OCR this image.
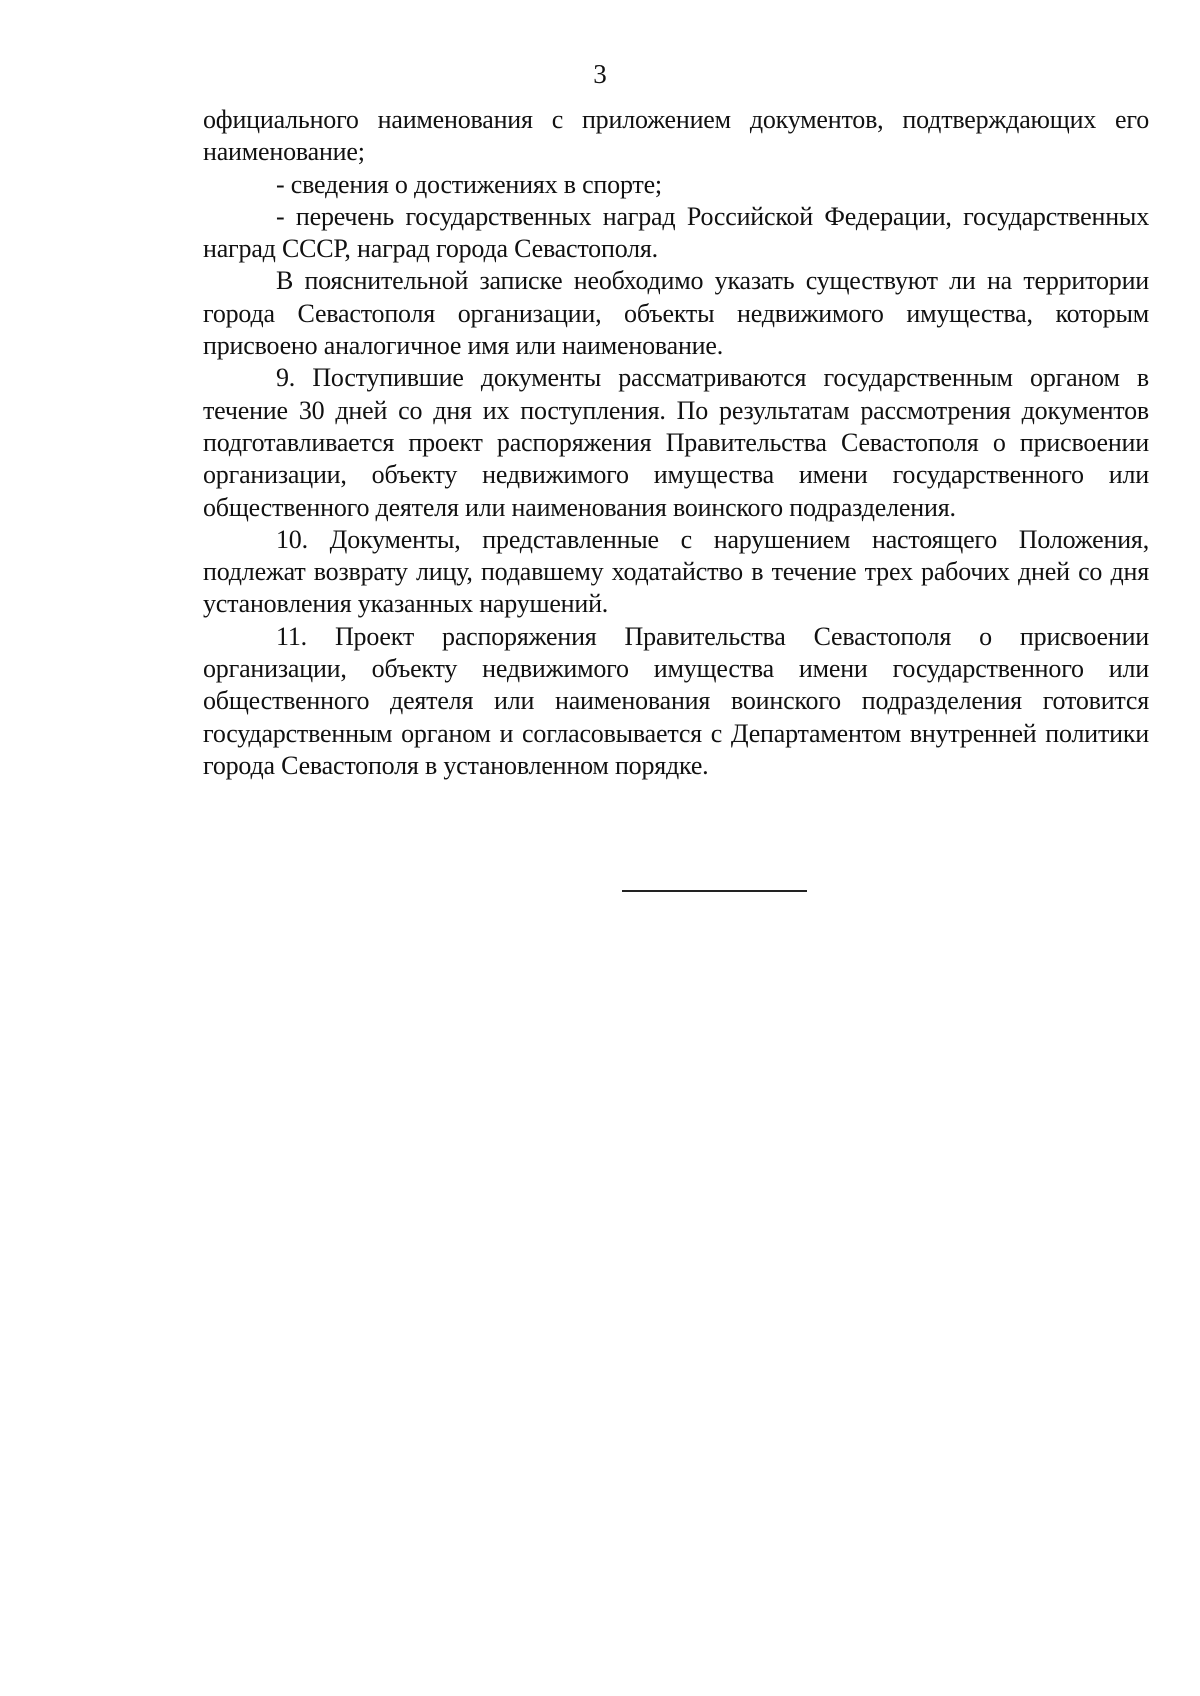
3

официального наименования с приложением документов, подтверждающих его наименование;

- сведения о достижениях в спорте;

- перечень государственных наград Российской Федерации, государственных наград СССР, наград города Севастополя.

В пояснительной записке необходимо указать существуют ли на территории города Севастополя организации, объекты недвижимого имущества, которым присвоено аналогичное имя или наименование.

9. Поступившие документы рассматриваются государственным органом в течение 30 дней со дня их поступления. По результатам рассмотрения документов подготавливается проект распоряжения Правительства Севастополя о присвоении организации, объекту недвижимого имущества имени государственного или общественного деятеля или наименования воинского подразделения.

10. Документы, представленные с нарушением настоящего Положения, подлежат возврату лицу, подавшему ходатайство в течение трех рабочих дней со дня установления указанных нарушений.

11. Проект распоряжения Правительства Севастополя о присвоении организации, объекту недвижимого имущества имени государственного или общественного деятеля или наименования воинского подразделения готовится государственным органом и согласовывается с Департаментом внутренней политики города Севастополя в установленном порядке.
